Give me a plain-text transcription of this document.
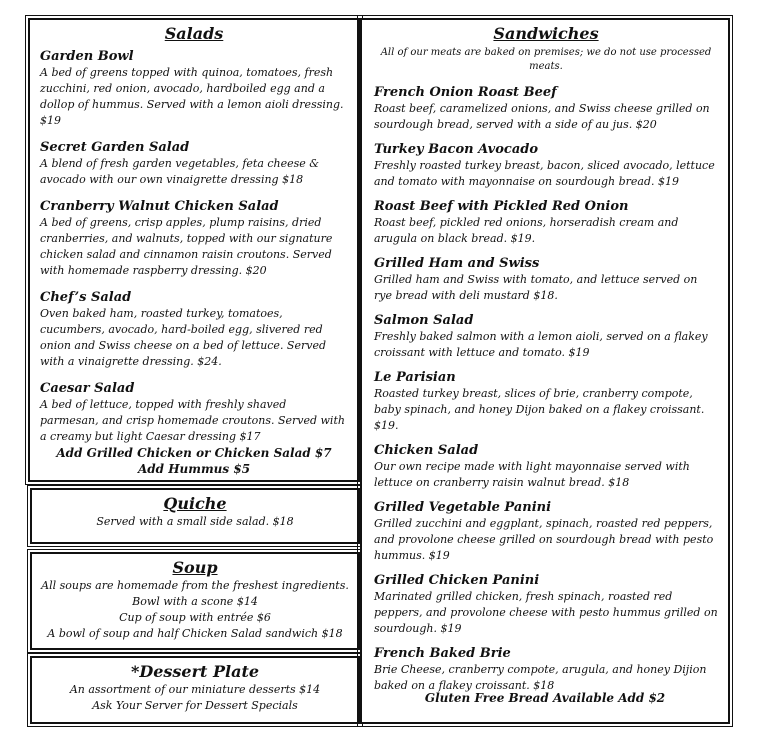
Salads

Garden Bowl

A bed of greens topped with quinoa, tomatoes, fresh zucchini, red onion, avocado, hardboiled egg and a dollop of hummus. Served with a lemon aioli dressing. $19

Secret Garden Salad

A blend of fresh garden vegetables, feta cheese & avocado with our own vinaigrette dressing $18

Cranberry Walnut Chicken Salad

A bed of greens, crisp apples, plump raisins, dried cranberries, and walnuts, topped with our signature chicken salad and cinnamon raisin croutons. Served with homemade raspberry dressing. $20

Chef’s Salad

Oven baked ham, roasted turkey, tomatoes, cucumbers, avocado, hard-boiled egg, slivered red onion and Swiss cheese on a bed of lettuce. Served with a vinaigrette dressing. $24.

Caesar Salad

A bed of lettuce, topped with freshly shaved parmesan, and crisp homemade croutons. Served with a creamy but light Caesar dressing $17

Add Grilled Chicken or Chicken Salad $7

Add Hummus $5

Quiche

Served with a small side salad. $18

Soup

All soups are homemade from the freshest ingredients.

Bowl with a scone $14

Cup of soup with entrée $6

A bowl of soup and half Chicken Salad sandwich $18

*Dessert Plate

An assortment of our miniature desserts $14

Ask Your Server for Dessert Specials

Sandwiches

All of our meats are baked on premises; we do not use processed meats.

French Onion Roast Beef

Roast beef, caramelized onions, and Swiss cheese grilled on sourdough bread, served with a side of au jus. $20

Turkey Bacon Avocado

Freshly roasted turkey breast, bacon, sliced avocado, lettuce and tomato with mayonnaise on sourdough bread. $19

Roast Beef with Pickled Red Onion

Roast beef, pickled red onions, horseradish cream and arugula on black bread. $19.

Grilled Ham and Swiss

Grilled ham and Swiss with tomato, and lettuce served on rye bread with deli mustard $18.

Salmon Salad

Freshly baked salmon with a lemon aioli, served on a flakey croissant with lettuce and tomato. $19

Le Parisian

Roasted turkey breast, slices of brie, cranberry compote, baby spinach, and honey Dijon baked on a flakey croissant. $19.

Chicken Salad

Our own recipe made with light mayonnaise served with lettuce on cranberry raisin walnut bread. $18

Grilled Vegetable Panini

Grilled zucchini and eggplant, spinach, roasted red peppers, and provolone cheese grilled on sourdough bread with pesto hummus. $19

Grilled Chicken Panini

Marinated grilled chicken, fresh spinach, roasted red peppers, and provolone cheese with pesto hummus grilled on sourdough. $19

French Baked Brie

Brie Cheese, cranberry compote, arugula, and honey Dijion baked on a flakey croissant. $18

Gluten Free Bread Available Add $2
